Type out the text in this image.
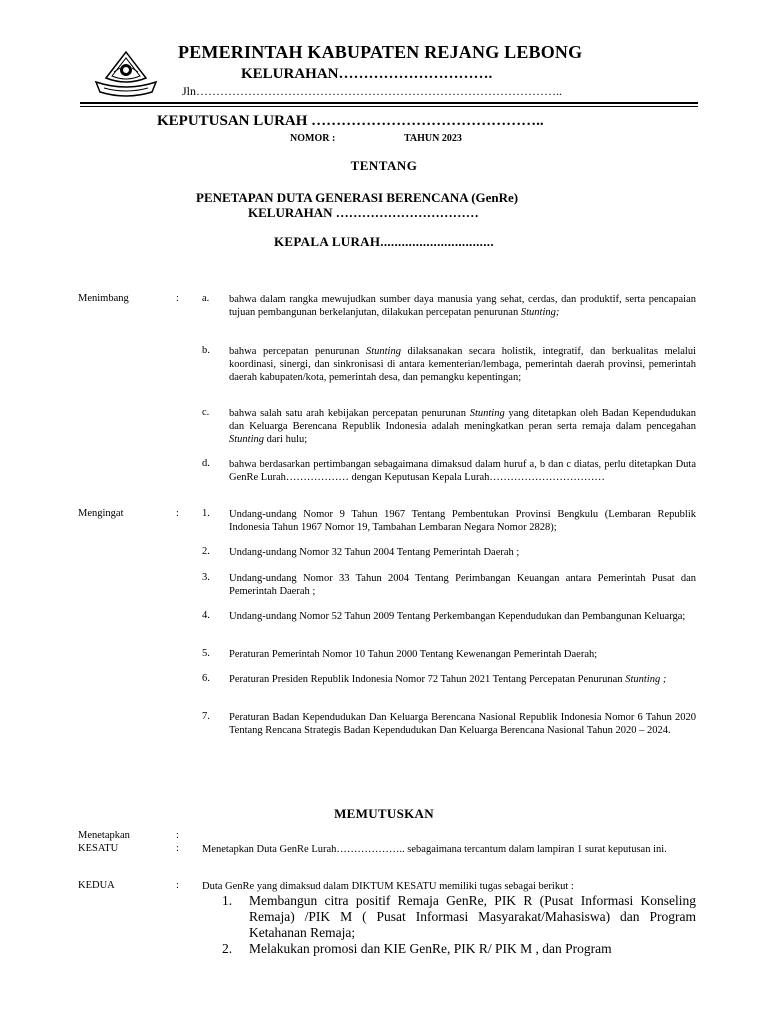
PEMERINTAH KABUPATEN REJANG LEBONG
KELURAHAN………………………….
Jln………………………………………………………………………………..
KEPUTUSAN LURAH ………………………………………..
NOMOR :	TAHUN 2023
TENTANG
PENETAPAN DUTA GENERASI BERENCANA (GenRe)
KELURAHAN ……………………………
KEPALA LURAH................................
Menimbang	: a. bahwa dalam rangka mewujudkan sumber daya manusia yang sehat, cerdas, dan produktif, serta pencapaian tujuan pembangunan berkelanjutan, dilakukan percepatan penurunan Stunting;
b. bahwa percepatan penurunan Stunting dilaksanakan secara holistik, integratif, dan berkualitas melalui koordinasi, sinergi, dan sinkronisasi di antara kementerian/lembaga, pemerintah daerah provinsi, pemerintah daerah kabupaten/kota, pemerintah desa, dan pemangku kepentingan;
c. bahwa salah satu arah kebijakan percepatan penurunan Stunting yang ditetapkan oleh Badan Kependudukan dan Keluarga Berencana Republik Indonesia adalah meningkatkan peran serta remaja dalam pencegahan Stunting dari hulu;
d. bahwa berdasarkan pertimbangan sebagaimana dimaksud dalam huruf a, b dan c diatas, perlu ditetapkan Duta GenRe Lurah……………… dengan Keputusan Kepala Lurah……………………………
Mengingat	: 1. Undang-undang Nomor 9 Tahun 1967 Tentang Pembentukan Provinsi Bengkulu (Lembaran Republik Indonesia Tahun 1967 Nomor 19, Tambahan Lembaran Negara Nomor 2828);
2. Undang-undang Nomor 32 Tahun 2004 Tentang Pemerintah Daerah ;
3. Undang-undang Nomor 33 Tahun 2004 Tentang Perimbangan Keuangan antara Pemerintah Pusat dan Pemerintah Daerah ;
4. Undang-undang Nomor 52 Tahun 2009 Tentang Perkembangan Kependudukan dan Pembangunan Keluarga;
5. Peraturan Pemerintah Nomor 10 Tahun 2000 Tentang Kewenangan Pemerintah Daerah;
6. Peraturan Presiden Republik Indonesia Nomor 72 Tahun 2021 Tentang Percepatan Penurunan Stunting ;
7. Peraturan Badan Kependudukan Dan Keluarga Berencana Nasional Republik Indonesia Nomor 6 Tahun 2020 Tentang Rencana Strategis Badan Kependudukan Dan Keluarga Berencana Nasional Tahun 2020 – 2024.
MEMUTUSKAN
Menetapkan	:
KESATU	: Menetapkan Duta GenRe Lurah……………….. sebagaimana tercantum dalam lampiran 1 surat keputusan ini.
KEDUA	: Duta GenRe yang dimaksud dalam DIKTUM KESATU memiliki tugas sebagai berikut :
1. Membangun citra positif Remaja GenRe, PIK R (Pusat Informasi Konseling Remaja) /PIK M ( Pusat Informasi Masyarakat/Mahasiswa) dan Program Ketahanan Remaja;
2. Melakukan promosi dan KIE GenRe, PIK R/ PIK M , dan Program
